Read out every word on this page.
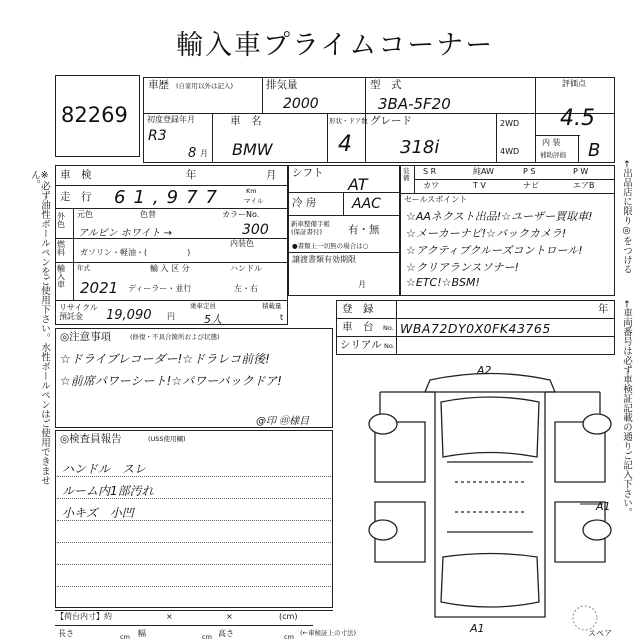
輸入車プライムコーナー
※必ず油性ボールペンをご使用下さい。水性ボールペンはご使用できません。
←車両番号は必ず車検証記載の通りご記入下さい。
←出品店に限り◎をつける
82269
車歴 (自家用以外は記入)	排気量
2000
型　式
3BA-5F20
評価点
4.5
初度登録年月
R3
8 月
車　名
BMW
形状・ドア数
4
グレード
318i
2WD
4WD
内 装
補助評価 B
車　検	年	月
走　行 61,977	Km
マイル
外 色
元色	色替
アルピン ホワイト →
カラーNo.
300
内装色
燃 料	ガソリン・軽油・(　　　　　)
輸 入 車
年式
2021
輸 入 区 分
ディーラー・並行
ハンドル
左・右
リサイクル 預託金	19,090 円
乗車定員
5人
積載量
t
シフト
AT
冷 房	AAC
新車整備手帳 (保証書付)	有・無
●書類上一切無の場合は○
譲渡書類有効期限
月
装備
S R	純AW	P S	P W
カワ	T V	ナビ	エアB
セールスポイント
☆AAネクスト出品!☆ユーザー買取車!
☆メーカーナビ!☆バックカメラ!
☆アクティブクルーズコントロール!
☆クリアランスソナー!
☆ETC!☆BSM!
登　録	年
車　台 No. WBA72DY0X0FK43765
シリアル No.
◎注意事項	(修復・不具合箇所および状態)
☆ドライブレコーダー!☆ドラレコ前後!
☆前席パワーシート!☆パワーバックドア!
@印 ㊞様目
◎検査員報告	(USS使用欄)
ハンドル　スレ
ルーム内1部汚れ
小キズ　小凹
【荷台内寸】約	×	×	(cm)
長さ	cm 幅	cm 高さ	cm (←車検証上の寸法)	スペア
A2
A1
A1
